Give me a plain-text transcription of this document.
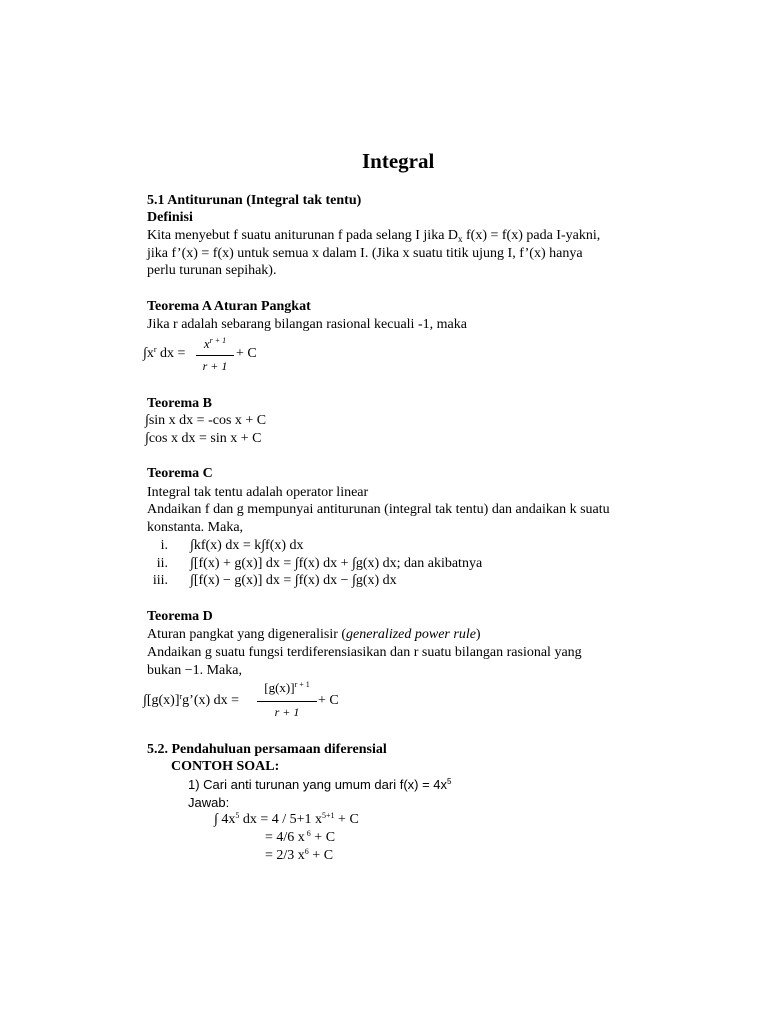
Integral
5.1 Antiturunan (Integral tak tentu)
Definisi
Kita menyebut f suatu aniturunan f pada selang I jika $D_x$ f(x) = f(x) pada I-yakni,
jika f’(x) = f(x) untuk semua x dalam I. (Jika x suatu titik ujung I, f’(x) hanya
perlu turunan sepihak).
Teorema A Aturan Pangkat
Jika r adalah sebarang bilangan rasional kecuali -1, maka
$\int x^r$ dx =
$x^{r + 1}$
r + 1
+ C
Teorema B
∫sin x dx = -cos x + C
∫cos x dx = sin x + C
Teorema C
Integral tak tentu adalah operator linear
Andaikan f dan g mempunyai antiturunan (integral tak tentu) dan andaikan k suatu
konstanta. Maka,
i. ∫kf(x) dx = k∫f(x) dx
ii. ∫[f(x) + g(x)] dx = ∫f(x) dx + ∫g(x) dx; dan akibatnya
iii. ∫[f(x) − g(x)] dx = ∫f(x) dx − ∫g(x) dx
Teorema D
Aturan pangkat yang digeneralisir (generalized power rule)
Andaikan g suatu fungsi terdiferensiasikan dan r suatu bilangan rasional yang
bukan −1. Maka,
$\int[g(x)]^rg’(x)$ dx =
$[g(x)]^{r + 1}$
r + 1
+ C
5.2. Pendahuluan persamaan diferensial
CONTOH SOAL:
1) Cari anti turunan yang umum dari $f(x) = 4x^5$
Jawab:
∫ $4x^5$ dx = 4 / 5+1 $x^{5+1} + C$
= 4/6 x $^6$ + C
= 2/3 $x^6 + C$
